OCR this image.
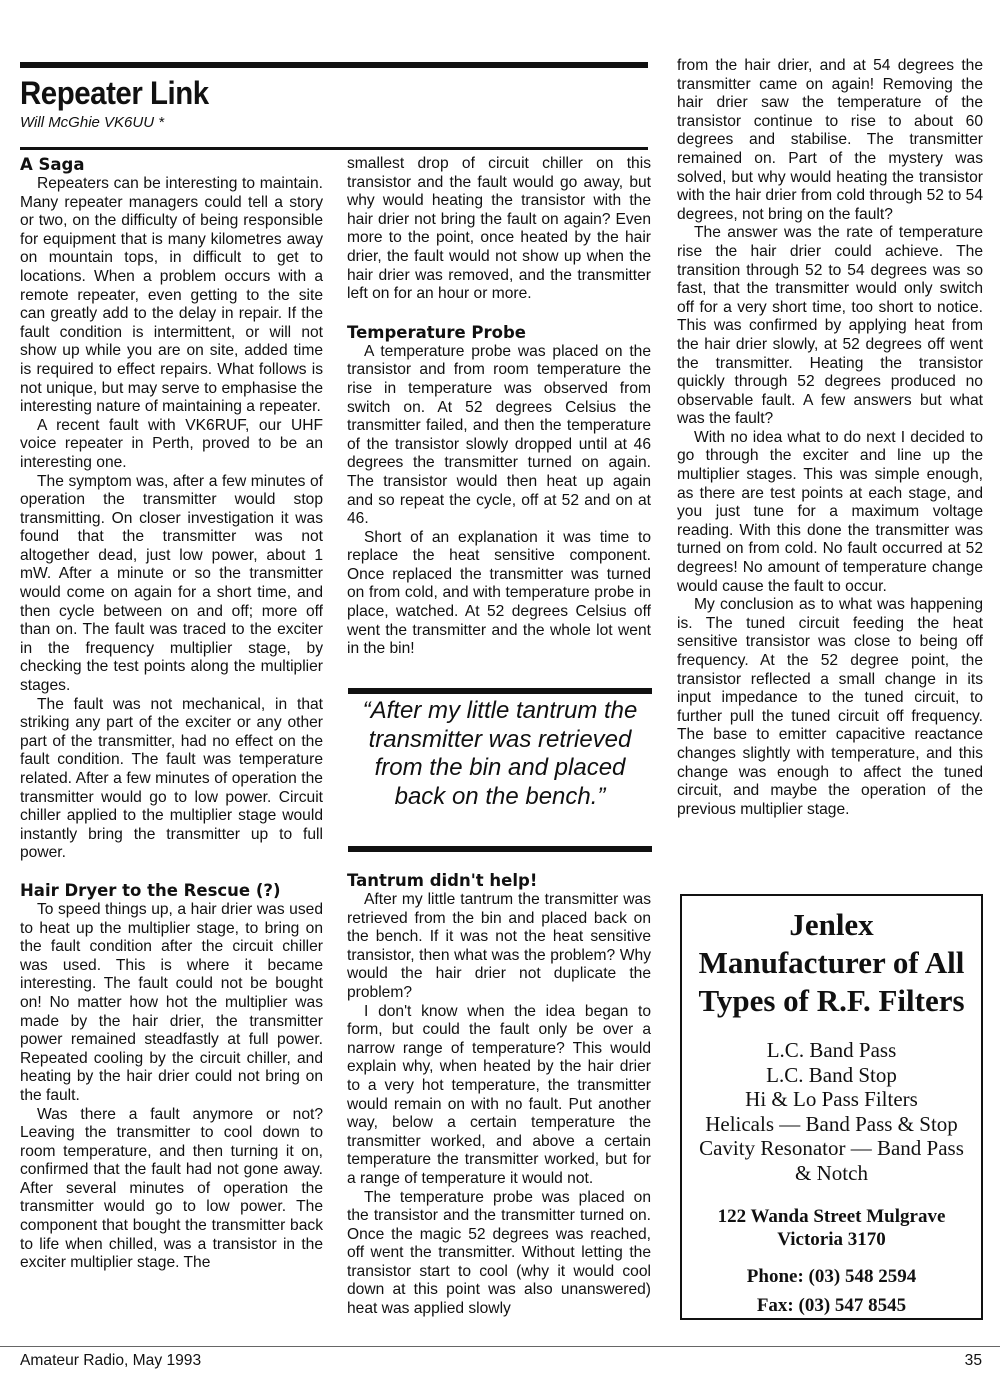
Repeater Link
Will McGhie VK6UU *
A Saga

Repeaters can be interesting to maintain. Many repeater managers could tell a story or two, on the difficulty of being responsible for equipment that is many kilometres away on mountain tops, in difficult to get to locations. When a problem occurs with a remote repeater, even getting to the site can greatly add to the delay in repair. If the fault condition is intermittent, or will not show up while you are on site, added time is required to effect repairs. What follows is not unique, but may serve to emphasise the interesting nature of maintaining a repeater.

A recent fault with VK6RUF, our UHF voice repeater in Perth, proved to be an interesting one.

The symptom was, after a few minutes of operation the transmitter would stop transmitting. On closer investigation it was found that the transmitter was not altogether dead, just low power, about 1 mW. After a minute or so the transmitter would come on again for a short time, and then cycle between on and off; more off than on. The fault was traced to the exciter in the frequency multiplier stage, by checking the test points along the multiplier stages.

The fault was not mechanical, in that striking any part of the exciter or any other part of the transmitter, had no effect on the fault condition. The fault was temperature related. After a few minutes of operation the transmitter would go to low power. Circuit chiller applied to the multiplier stage would instantly bring the transmitter up to full power.

Hair Dryer to the Rescue (?)

To speed things up, a hair drier was used to heat up the multiplier stage, to bring on the fault condition after the circuit chiller was used. This is where it became interesting. The fault could not be bought on! No matter how hot the multiplier was made by the hair drier, the transmitter power remained steadfastly at full power. Repeated cooling by the circuit chiller, and heating by the hair drier could not bring on the fault.

Was there a fault anymore or not? Leaving the transmitter to cool down to room temperature, and then turning it on, confirmed that the fault had not gone away. After several minutes of operation the transmitter would go to low power. The component that bought the transmitter back to life when chilled, was a transistor in the exciter multiplier stage. The

smallest drop of circuit chiller on this transistor and the fault would go away, but why would heating the transistor with the hair drier not bring the fault on again? Even more to the point, once heated by the hair drier, the fault would not show up when the hair drier was removed, and the transmitter left on for an hour or more.

Temperature Probe

A temperature probe was placed on the transistor and from room temperature the rise in temperature was observed from switch on. At 52 degrees Celsius the transmitter failed, and then the temperature of the transistor slowly dropped until at 46 degrees the transmitter turned on again. The transistor would then heat up again and so repeat the cycle, off at 52 and on at 46.

Short of an explanation it was time to replace the heat sensitive component. Once replaced the transmitter was turned on from cold, and with temperature probe in place, watched. At 52 degrees Celsius off went the transmitter and the whole lot went in the bin!

“After my little tantrum the transmitter was retrieved from the bin and placed back on the bench.”
Tantrum didn't help!

After my little tantrum the transmitter was retrieved from the bin and placed back on the bench. If it was not the heat sensitive transistor, then what was the problem? Why would the hair drier not duplicate the problem?

I don't know when the idea began to form, but could the fault only be over a narrow range of temperature? This would explain why, when heated by the hair drier to a very hot temperature, the transmitter would remain on with no fault. Put another way, below a certain temperature the transmitter worked, and above a certain temperature the transmitter worked, but for a range of temperature it would not.

The temperature probe was placed on the transistor and the transmitter turned on. Once the magic 52 degrees was reached, off went the transmitter. Without letting the transistor start to cool (why it would cool down at this point was also unanswered) heat was applied slowly

from the hair drier, and at 54 degrees the transmitter came on again! Removing the hair drier saw the temperature of the transistor continue to rise to about 60 degrees and stabilise. The transmitter remained on. Part of the mystery was solved, but why would heating the transistor with the hair drier from cold through 52 to 54 degrees, not bring on the fault?

The answer was the rate of temperature rise the hair drier could achieve. The transition through 52 to 54 degrees was so fast, that the transmitter would only switch off for a very short time, too short to notice. This was confirmed by applying heat from the hair drier slowly, at 52 degrees off went the transmitter. Heating the transistor quickly through 52 degrees produced no observable fault. A few answers but what was the fault?

With no idea what to do next I decided to go through the exciter and line up the multiplier stages. This was simple enough, as there are test points at each stage, and you just tune for a maximum voltage reading. With this done the transmitter was turned on from cold. No fault occurred at 52 degrees! No amount of temperature change would cause the fault to occur.

My conclusion as to what was happening is. The tuned circuit feeding the heat sensitive transistor was close to being off frequency. At the 52 degree point, the transistor reflected a small change in its input impedance to the tuned circuit, to further pull the tuned circuit off frequency. The base to emitter capacitive reactance changes slightly with temperature, and this change was enough to affect the tuned circuit, and maybe the operation of the previous multiplier stage.

Jenlex
Manufacturer of All
Types of R.F. Filters
L.C. Band Pass
L.C. Band Stop
Hi & Lo Pass Filters
Helicals — Band Pass & Stop
Cavity Resonator — Band Pass
& Notch
122 Wanda Street Mulgrave
Victoria 3170
Phone: (03) 548 2594
Fax: (03) 547 8545
Amateur Radio, May 1993	35
